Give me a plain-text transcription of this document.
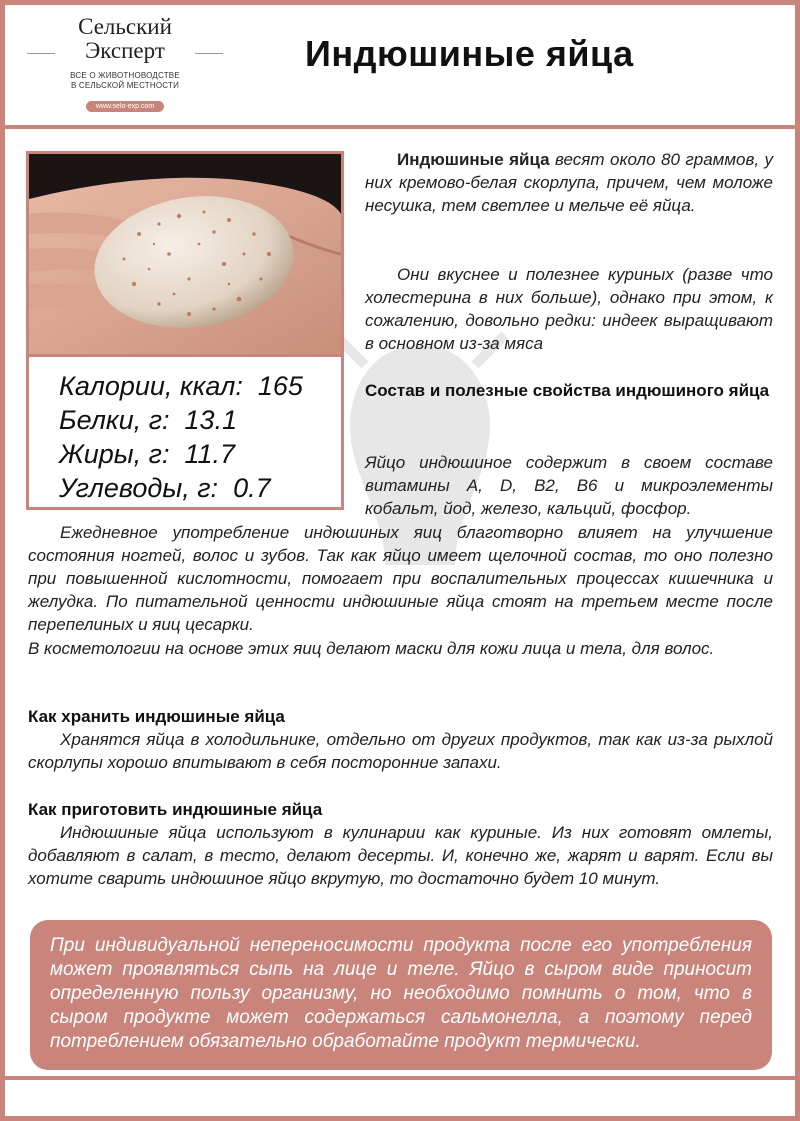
Сельский
Эксперт
ВСЕ О ЖИВОТНОВОДСТВЕ
В СЕЛЬСКОЙ МЕСТНОСТИ
www.selo-exp.com
Индюшиные яйца
Калории, ккал: 165
Белки, г: 13.1
Жиры, г: 11.7
Углеводы, г: 0.7
Индюшиные яйца весят около 80 граммов, у них кремово-белая скорлупа, причем, чем моложе несушка, тем светлее и мельче её яйца.
Они вкуснее и полезнее куриных (разве что холестерина в них больше), однако при этом, к сожалению, довольно редки: индеек выращивают в основном из-за мяса
Состав и полезные свойства индюшиного яйца
Яйцо индюшиное содержит в своем составе витамины A, D, B2, B6 и микроэлементы кобальт, йод, железо, кальций, фосфор.
Ежедневное употребление индюшиных яиц благотворно влияет на улучшение состояния ногтей, волос и зубов. Так как яйцо имеет щелочной состав, то оно полезно при повышенной кислотности, помогает при воспалительных процессах кишечника и желудка. По питательной ценности индюшиные яйца стоят на третьем месте после перепелиных и яиц цесарки.
В косметологии на основе этих яиц делают маски для кожи лица и тела, для волос.
Как хранить индюшиные яйца
Хранятся яйца в холодильнике, отдельно от других продуктов, так как из-за рыхлой скорлупы хорошо впитывают в себя посторонние запахи.
Как приготовить индюшиные яйца
Индюшиные яйца используют в кулинарии как куриные. Из них готовят омлеты, добавляют в салат, в тесто, делают десерты. И, конечно же, жарят и варят. Если вы хотите сварить индюшиное яйцо вкрутую, то достаточно будет 10 минут.

При индивидуальной непереносимости продукта после его употребления может проявляться сыпь на лице и теле. Яйцо в сыром виде приносит определенную пользу организму, но необходимо помнить о том, что в сыром продукте может содержаться сальмонелла, а поэтому перед потреблением обязательно обработайте продукт термически.
